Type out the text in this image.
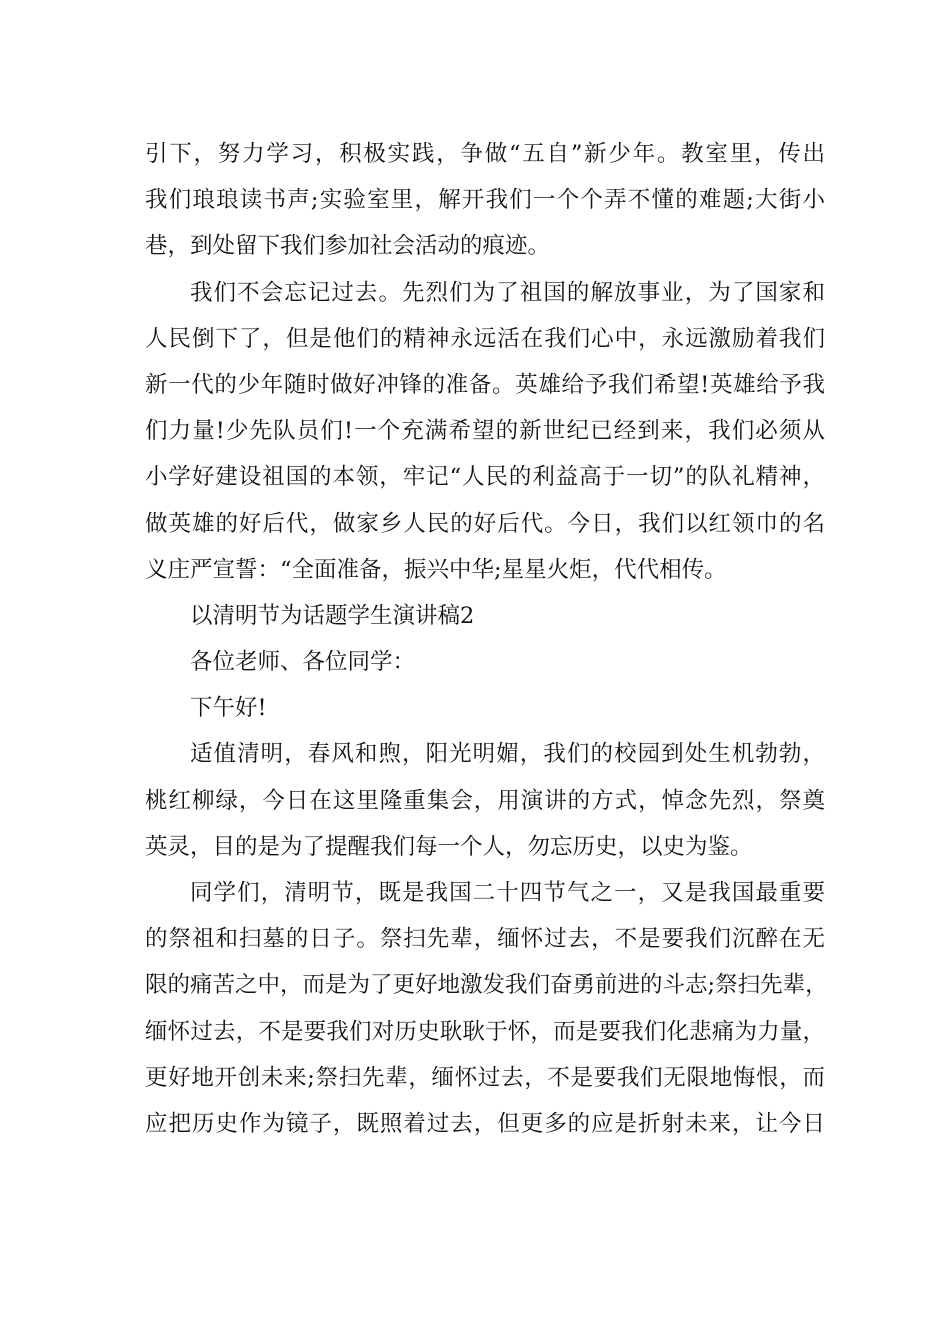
引下，努力学习，积极实践，争做“五自”新少年。教室里，传出
我们琅琅读书声;实验室里，解开我们一个个弄不懂的难题;大街小
巷，到处留下我们参加社会活动的痕迹。
我们不会忘记过去。先烈们为了祖国的解放事业，为了国家和
人民倒下了，但是他们的精神永远活在我们心中，永远激励着我们
新一代的少年随时做好冲锋的准备。英雄给予我们希望!英雄给予我
们力量!少先队员们!一个充满希望的新世纪已经到来，我们必须从
小学好建设祖国的本领，牢记“人民的利益高于一切”的队礼精神，
做英雄的好后代，做家乡人民的好后代。今日，我们以红领巾的名
义庄严宣誓：“全面准备，振兴中华;星星火炬，代代相传。
以清明节为话题学生演讲稿2
各位老师、各位同学：
下午好!
适值清明，春风和煦，阳光明媚，我们的校园到处生机勃勃，
桃红柳绿，今日在这里隆重集会，用演讲的方式，悼念先烈，祭奠
英灵，目的是为了提醒我们每一个人，勿忘历史，以史为鉴。
同学们，清明节，既是我国二十四节气之一，又是我国最重要
的祭祖和扫墓的日子。祭扫先辈，缅怀过去，不是要我们沉醉在无
限的痛苦之中，而是为了更好地激发我们奋勇前进的斗志;祭扫先辈，
缅怀过去，不是要我们对历史耿耿于怀，而是要我们化悲痛为力量，
更好地开创未来;祭扫先辈，缅怀过去，不是要我们无限地悔恨，而
应把历史作为镜子，既照着过去，但更多的应是折射未来，让今日
